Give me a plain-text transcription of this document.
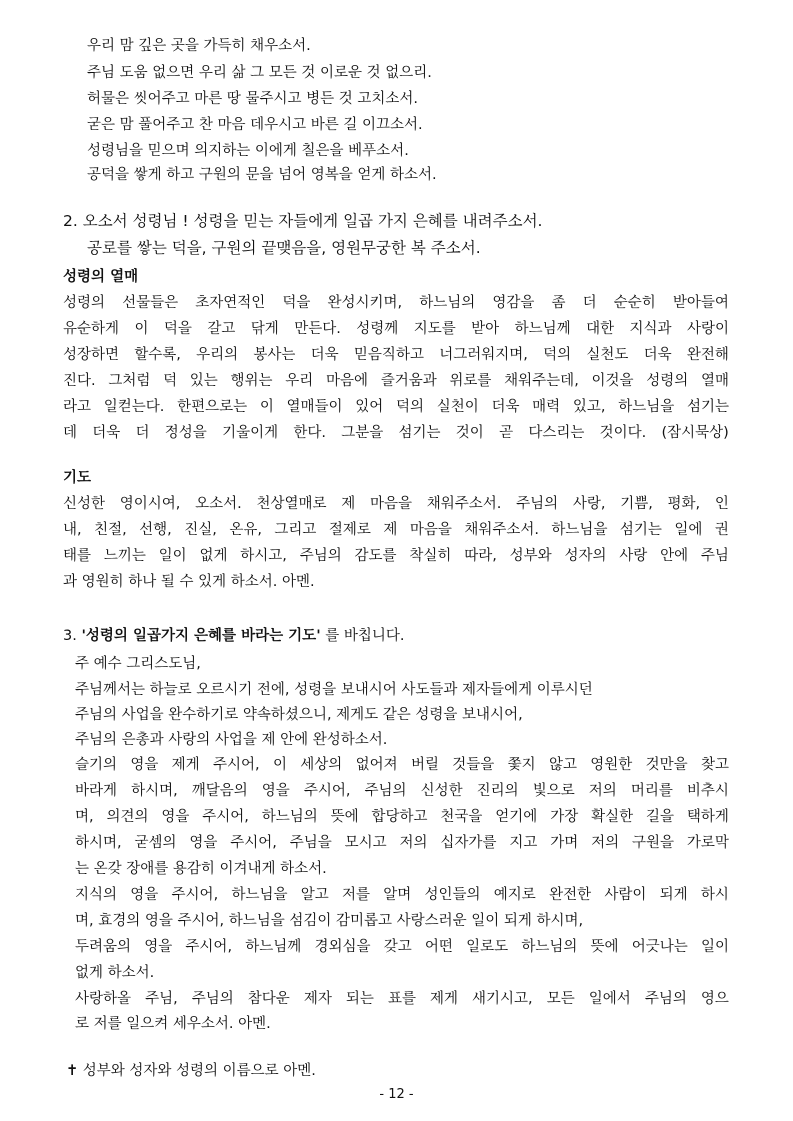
우리 맘 깊은 곳을 가득히 채우소서.
주님 도움 없으면 우리 삶 그 모든 것 이로운 것 없으리.
허물은 씻어주고 마른 땅 물주시고 병든 것 고치소서.
굳은 맘 풀어주고 찬 마음 데우시고 바른 길 이끄소서.
성령님을 믿으며 의지하는 이에게 칠은을 베푸소서.
공덕을 쌓게 하고 구원의 문을 넘어 영복을 얻게 하소서.
2. 오소서 성령님 ! 성령을 믿는 자들에게 일곱 가지 은혜를 내려주소서.
공로를 쌓는 덕을, 구원의 끝맺음을, 영원무궁한 복 주소서.
성령의 열매
성령의 선물들은 초자연적인 덕을 완성시키며, 하느님의 영감을 좀 더 순순히 받아들여
유순하게 이 덕을 갈고 닦게 만든다. 성령께 지도를 받아 하느님께 대한 지식과 사랑이
성장하면 할수록, 우리의 봉사는 더욱 믿음직하고 너그러워지며, 덕의 실천도 더욱 완전해
진다. 그처럼 덕 있는 행위는 우리 마음에 즐거움과 위로를 채워주는데, 이것을 성령의 열매
라고 일컫는다. 한편으로는 이 열매들이 있어 덕의 실천이 더욱 매력 있고, 하느님을 섬기는
데 더욱 더 정성을 기울이게 한다. 그분을 섬기는 것이 곧 다스리는 것이다. (잠시묵상)
기도
신성한 영이시여, 오소서. 천상열매로 제 마음을 채워주소서. 주님의 사랑, 기쁨, 평화, 인
내, 친절, 선행, 진실, 온유, 그리고 절제로 제 마음을 채워주소서. 하느님을 섬기는 일에 권
태를 느끼는 일이 없게 하시고, 주님의 감도를 착실히 따라, 성부와 성자의 사랑 안에 주님
과 영원히 하나 될 수 있게 하소서. 아멘.
3. '성령의 일곱가지 은혜를 바라는 기도' 를 바칩니다.
주 예수 그리스도님,
주님께서는 하늘로 오르시기 전에, 성령을 보내시어 사도들과 제자들에게 이루시던
주님의 사업을 완수하기로 약속하셨으니, 제게도 같은 성령을 보내시어,
주님의 은총과 사랑의 사업을 제 안에 완성하소서.
슬기의 영을 제게 주시어, 이 세상의 없어져 버릴 것들을 쫓지 않고 영원한 것만을 찾고
바라게 하시며, 깨달음의 영을 주시어, 주님의 신성한 진리의 빛으로 저의 머리를 비추시
며, 의견의 영을 주시어, 하느님의 뜻에 합당하고 천국을 얻기에 가장 확실한 길을 택하게
하시며, 굳셈의 영을 주시어, 주님을 모시고 저의 십자가를 지고 가며 저의 구원을 가로막
는 온갖 장애를 용감히 이겨내게 하소서.
지식의 영을 주시어, 하느님을 알고 저를 알며 성인들의 예지로 완전한 사람이 되게 하시
며, 효경의 영을 주시어, 하느님을 섬김이 감미롭고 사랑스러운 일이 되게 하시며,
두려움의 영을 주시어, 하느님께 경외심을 갖고 어떤 일로도 하느님의 뜻에 어긋나는 일이
없게 하소서.
사랑하올 주님, 주님의 참다운 제자 되는 표를 제게 새기시고, 모든 일에서 주님의 영으
로 저를 일으켜 세우소서. 아멘.
✝ 성부와 성자와 성령의 이름으로 아멘.
- 12 -
